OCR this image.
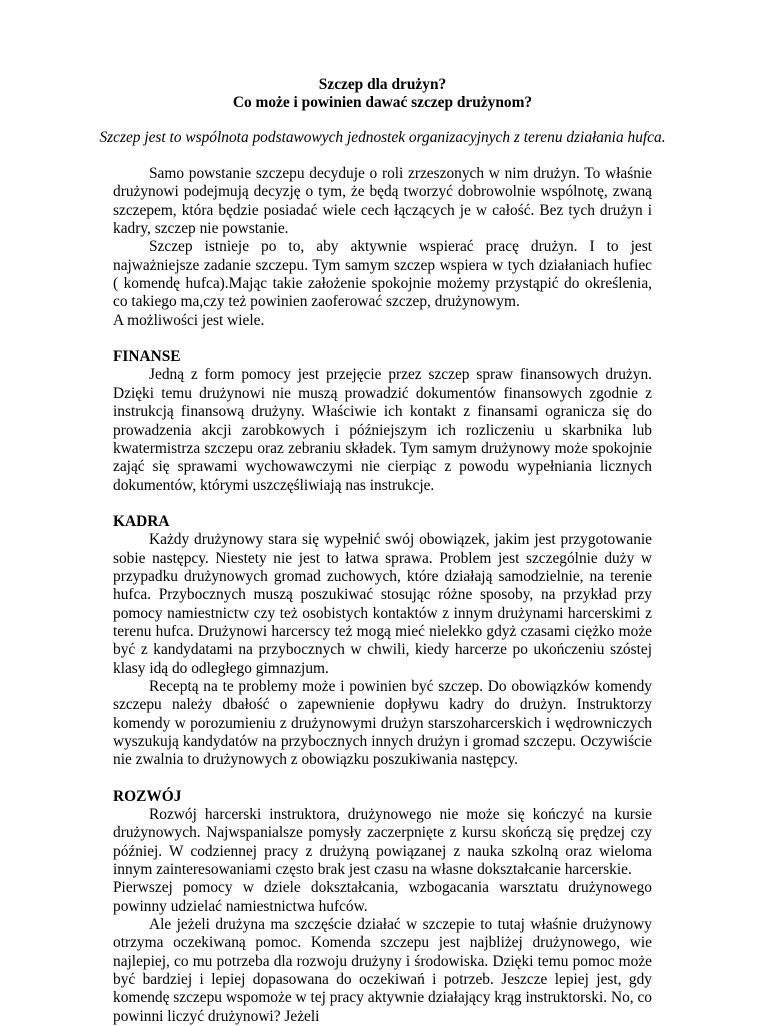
Szczep dla drużyn?
Co może i powinien dawać szczep drużynom?
Szczep jest to wspólnota podstawowych jednostek organizacyjnych z terenu działania hufca.

Samo powstanie szczepu decyduje o roli zrzeszonych w nim drużyn. To właśnie drużynowi podejmują decyzję o tym, że będą tworzyć dobrowolnie wspólnotę, zwaną szczepem, która będzie posiadać wiele cech łączących je w całość. Bez tych drużyn i kadry, szczep nie powstanie.

Szczep istnieje po to, aby aktywnie wspierać pracę drużyn. I to jest najważniejsze zadanie szczepu. Tym samym szczep wspiera w tych działaniach hufiec ( komendę hufca).Mając takie założenie spokojnie możemy przystąpić do określenia, co takiego ma,czy też powinien zaoferować szczep, drużynowym.

A możliwości jest wiele.

FINANSE

Jedną z form pomocy jest przejęcie przez szczep spraw finansowych drużyn. Dzięki temu drużynowi nie muszą prowadzić dokumentów finansowych zgodnie z instrukcją finansową drużyny. Właściwie ich kontakt z finansami ogranicza się do prowadzenia akcji zarobkowych i późniejszym ich rozliczeniu u skarbnika lub kwatermistrza szczepu oraz zebraniu składek. Tym samym drużynowy może spokojnie zająć się sprawami wychowawczymi nie cierpiąc z powodu wypełniania licznych dokumentów, którymi uszczęśliwiają nas instrukcje.

KADRA

Każdy drużynowy stara się wypełnić swój obowiązek, jakim jest przygotowanie sobie następcy. Niestety nie jest to łatwa sprawa. Problem jest szczególnie duży w przypadku drużynowych gromad zuchowych, które działają samodzielnie, na terenie hufca. Przybocznych muszą poszukiwać stosując różne sposoby, na przykład przy pomocy namiestnictw czy też osobistych kontaktów z innym drużynami harcerskimi z terenu hufca. Drużynowi harcerscy też mogą mieć nielekko gdyż czasami ciężko może być z kandydatami na przybocznych w chwili, kiedy harcerze po ukończeniu szóstej klasy idą do odległego gimnazjum.

Receptą na te problemy może i powinien być szczep. Do obowiązków komendy szczepu należy dbałość o zapewnienie dopływu kadry do drużyn. Instruktorzy komendy w porozumieniu z drużynowymi drużyn starszoharcerskich i wędrowniczych wyszukują kandydatów na przybocznych innych drużyn i gromad szczepu. Oczywiście nie zwalnia to drużynowych z obowiązku poszukiwania następcy.

ROZWÓJ

Rozwój harcerski instruktora, drużynowego nie może się kończyć na kursie drużynowych. Najwspanialsze pomysły zaczerpnięte z kursu skończą się prędzej czy później. W codziennej pracy z drużyną powiązanej z nauka szkolną oraz wieloma innym zainteresowaniami często brak jest czasu na własne dokształcanie harcerskie.

Pierwszej pomocy w dziele dokształcania, wzbogacania warsztatu drużynowego powinny udzielać namiestnictwa hufców.

Ale jeżeli drużyna ma szczęście działać w szczepie to tutaj właśnie drużynowy otrzyma oczekiwaną pomoc. Komenda szczepu jest najbliżej drużynowego, wie najlepiej, co mu potrzeba dla rozwoju drużyny i środowiska. Dzięki temu pomoc może być bardziej i lepiej dopasowana do oczekiwań i potrzeb. Jeszcze lepiej jest, gdy komendę szczepu wspomoże w tej pracy aktywnie działający krąg instruktorski. No, co powinni liczyć drużynowi? Jeżeli
